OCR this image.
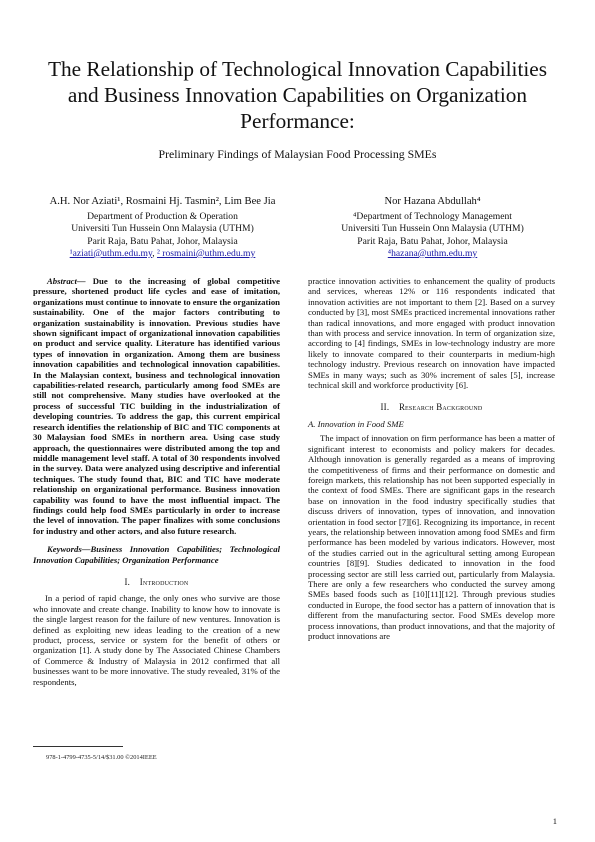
The Relationship of Technological Innovation Capabilities and Business Innovation Capabilities on Organization Performance:
Preliminary Findings of Malaysian Food Processing SMEs
A.H. Nor Aziati¹, Rosmaini Hj. Tasmin², Lim Bee Jia
Department of Production & Operation
Universiti Tun Hussein Onn Malaysia (UTHM)
Parit Raja, Batu Pahat, Johor, Malaysia
¹aziati@uthm.edu.my, ² rosmaini@uthm.edu.my
Nor Hazana Abdullah⁴
⁴Department of Technology Management
Universiti Tun Hussein Onn Malaysia (UTHM)
Parit Raja, Batu Pahat, Johor, Malaysia
⁴hazana@uthm.edu.my

Abstract— Due to the increasing of global competitive pressure, shortened product life cycles and ease of imitation, organizations must continue to innovate to ensure the organization sustainability. One of the major factors contributing to organization sustainability is innovation. Previous studies have shown significant impact of organizational innovation capabilities on product and service quality. Literature has identified various types of innovation in organization. Among them are business innovation capabilities and technological innovation capabilities. In the Malaysian context, business and technological innovation capabilities-related research, particularly among food SMEs are still not comprehensive. Many studies have overlooked at the process of successful TIC building in the industrialization of developing countries. To address the gap, this current empirical research identifies the relationship of BIC and TIC components at 30 Malaysian food SMEs in northern area. Using case study approach, the questionnaires were distributed among the top and middle management level staff. A total of 30 respondents involved in the survey. Data were analyzed using descriptive and inferential techniques. The study found that, BIC and TIC have moderate relationship on organizational performance. Business innovation capability was found to have the most influential impact. The findings could help food SMEs particularly in order to increase the level of innovation. The paper finalizes with some conclusions for industry and other actors, and also future research.

Keywords—Business Innovation Capabilities; Technological Innovation Capabilities; Organization Performance

I. Introduction

In a period of rapid change, the only ones who survive are those who innovate and create change. Inability to know how to innovate is the single largest reason for the failure of new ventures. Innovation is defined as exploiting new ideas leading to the creation of a new product, process, service or system for the benefit of others or organization [1]. A study done by The Associated Chinese Chambers of Commerce & Industry of Malaysia in 2012 confirmed that all businesses want to be more innovative. The study revealed, 31% of the respondents,

practice innovation activities to enhancement the quality of products and services, whereas 12% or 116 respondents indicated that innovation activities are not important to them [2]. Based on a survey conducted by [3], most SMEs practiced incremental innovations rather than radical innovations, and more engaged with product innovation than with process and service innovation. In term of organization size, according to [4] findings, SMEs in low-technology industry are more likely to innovate compared to their counterparts in medium-high technology industry. Previous research on innovation have impacted SMEs in many ways; such as 30% increment of sales [5], increase technical skill and workforce productivity [6].

II. Research Background
A. Innovation in Food SME

The impact of innovation on firm performance has been a matter of significant interest to economists and policy makers for decades. Although innovation is generally regarded as a means of improving the competitiveness of firms and their performance on domestic and foreign markets, this relationship has not been supported especially in the context of food SMEs. There are significant gaps in the research base on innovation in the food industry specifically studies that discuss drivers of innovation, types of innovation, and innovation orientation in food sector [7][6]. Recognizing its importance, in recent years, the relationship between innovation among food SMEs and firm performance has been modeled by various indicators. However, most of the studies carried out in the agricultural setting among European countries [8][9]. Studies dedicated to innovation in the food processing sector are still less carried out, particularly from Malaysia. There are only a few researchers who conducted the survey among SMEs based foods such as [10][11][12]. Through previous studies conducted in Europe, the food sector has a pattern of innovation that is different from the manufacturing sector. Food SMEs develop more process innovations, than product innovations, and that the majority of product innovations are

978-1-4799-4735-5/14/$31.00 ©2014IEEE
1
